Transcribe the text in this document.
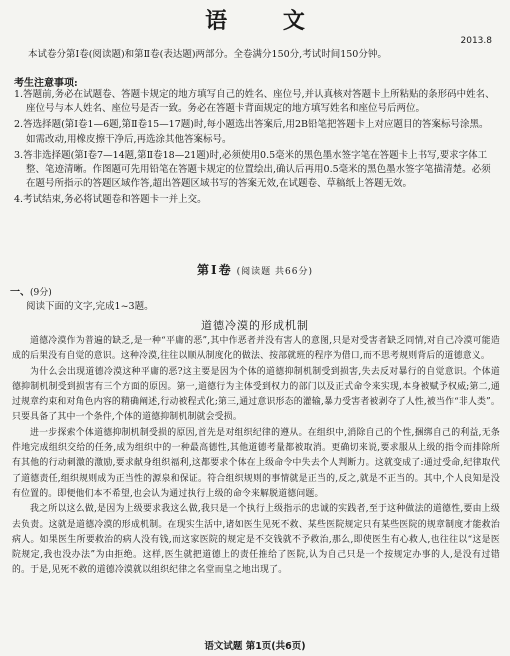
语 文
2013.8
本试卷分第Ⅰ卷(阅读题)和第Ⅱ卷(表达题)两部分。全卷满分150分,考试时间150分钟。
考生注意事项:
1.答题前,务必在试题卷、答题卡规定的地方填写自己的姓名、座位号,并认真核对答题卡上所粘贴的条形码中姓名、座位号与本人姓名、座位号是否一致。务必在答题卡背面规定的地方填写姓名和座位号后两位。
2.答选择题(第Ⅰ卷1—6题,第Ⅱ卷15—17题)时,每小题选出答案后,用2B铅笔把答题卡上对应题目的答案标号涂黑。如需改动,用橡皮擦干净后,再选涂其他答案标号。
3.答非选择题(第Ⅰ卷7—14题,第Ⅱ卷18—21题)时,必须使用0.5毫米的黑色墨水签字笔在答题卡上书写,要求字体工整、笔迹清晰。作图题可先用铅笔在答题卡规定的位置绘出,确认后再用0.5毫米的黑色墨水签字笔描清楚。必须在题号所指示的答题区域作答,超出答题区域书写的答案无效,在试题卷、草稿纸上答题无效。
4.考试结束,务必将试题卷和答题卡一并上交。
第Ⅰ卷 (阅读题 共66分)
一、(9分)
阅读下面的文字,完成1~3题。
道德冷漠的形成机制

道德冷漠作为普遍的缺乏,是一种“平庸的恶”,其中作恶者并没有害人的意图,只是对受害者缺乏同情,对自己冷漠可能造成的后果没有自觉的意识。这种冷漠,往往以顺从制度化的做法、按部就班的程序为借口,而不思考规则背后的道德意义。

为什么会出现道德冷漠这种平庸的恶?这主要是因为个体的道德抑制机制受到损害,失去反对暴行的自觉意识。个体道德抑制机制受到损害有三个方面的原因。第一,道德行为主体受到权力的部门以及正式命令来实现,本身被赋予权威;第二,通过规章约束和对角色内容的精确阐述,行动被程式化;第三,通过意识形态的灌输,暴力受害者被剥夺了人性,被当作“非人类”。只要具备了其中一个条件,个体的道德抑制机制就会受损。

进一步探索个体道德抑制机制受损的原因,首先是对组织纪律的遵从。在组织中,消除自己的个性,捆绑自己的利益,无条件地完成组织交给的任务,成为组织中的一种最高德性,其他道德考量都被取消。更确切来说,要求服从上级的指令而排除所有其他的行动刺激的激励,要求献身组织福利,这都要求个体在上级命令中失去个人判断力。这就变成了:通过受命,纪律取代了道德责任,组织规则成为正当性的源泉和保证。符合组织规则的事情就是正当的,反之,就是不正当的。其中,个人良知是没有位置的。即便他们本不希望,也会认为通过执行上级的命令来解脱道德问题。

我之所以这么做,是因为上级要求我这么做,我只是一个执行上级指示的忠诚的实践者,至于这种做法的道德性,要由上级去负责。这就是道德冷漠的形成机制。在现实生活中,诸如医生见死不救、某些医院规定只有某些医院的规章制度才能救治病人。如果医生所要救治的病人没有钱,而这家医院的规定是不交钱就不予救治,那么,即使医生有心救人,也往往以“这是医院规定,我也没办法”为由拒绝。这样,医生就把道德上的责任推给了医院,认为自己只是一个按规定办事的人,是没有过错的。于是,见死不救的道德冷漠就以组织纪律之名堂而皇之地出现了。

语文试题 第1页(共6页)
